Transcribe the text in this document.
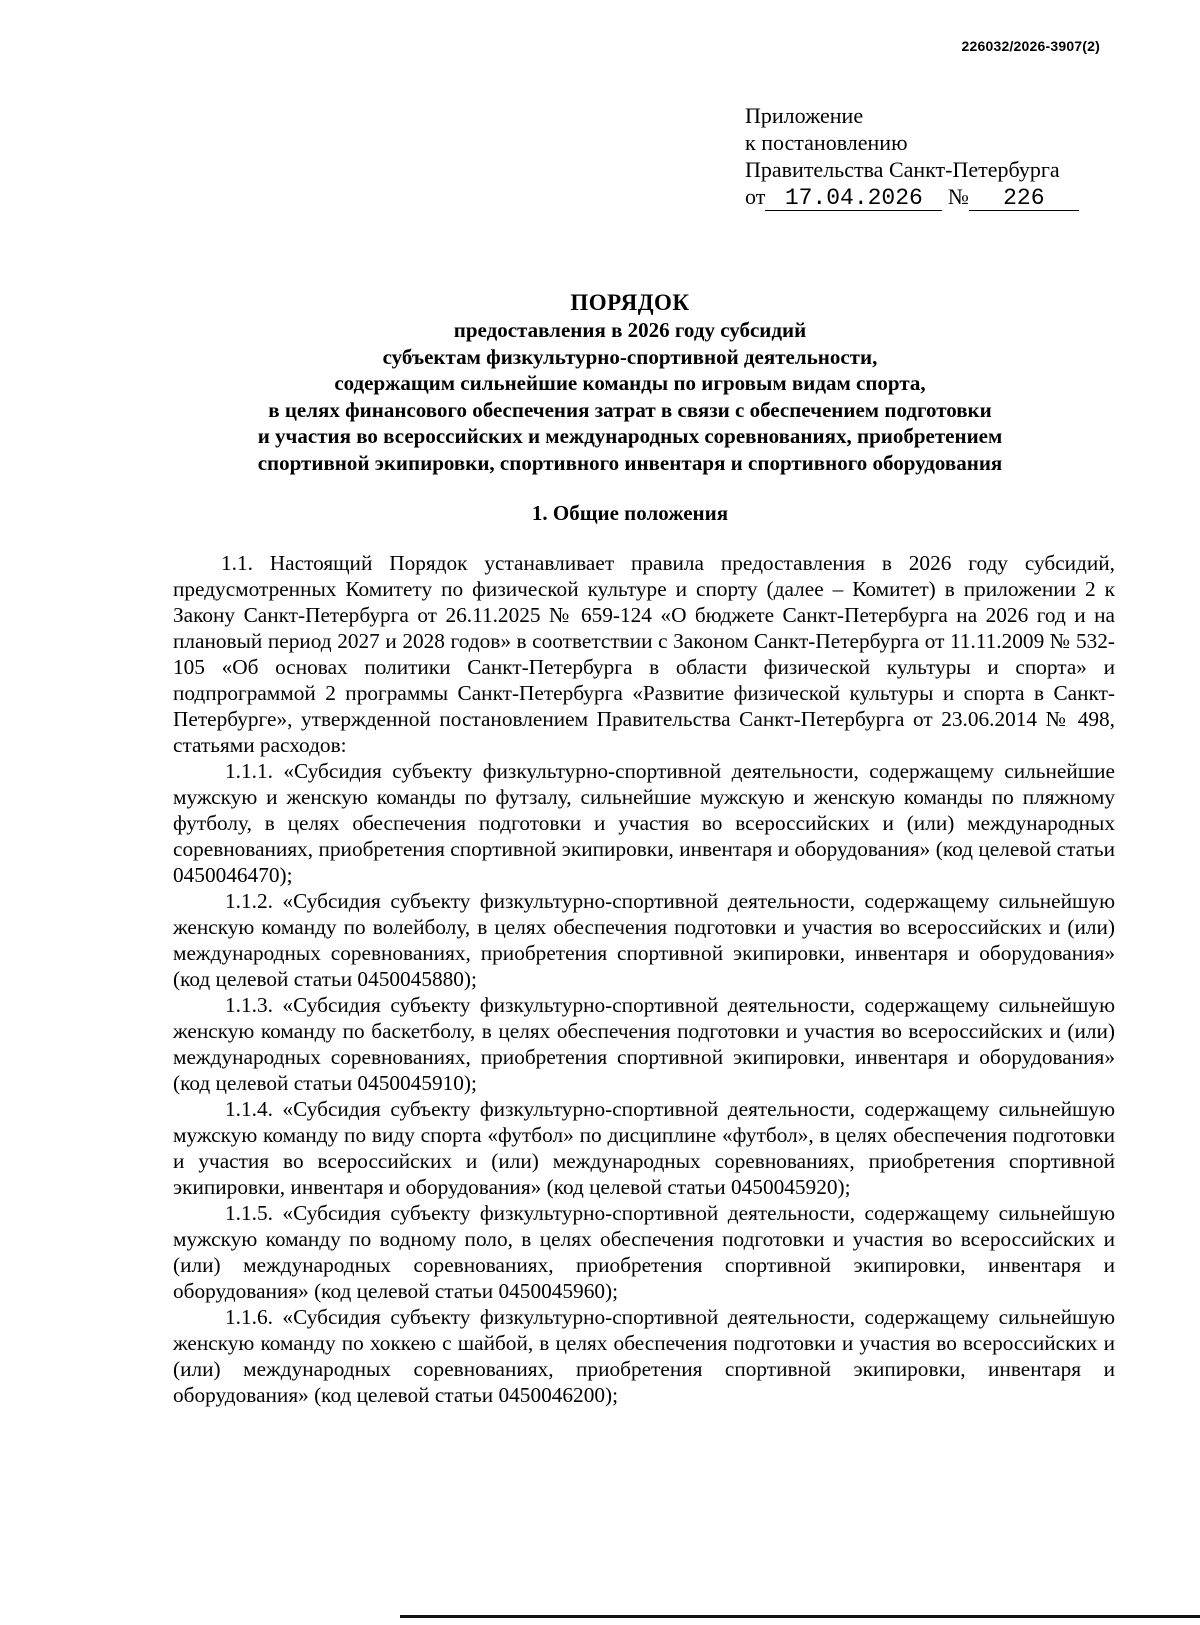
226032/2026-3907(2)
Приложение
к постановлению
Правительства Санкт-Петербурга
от 17.04.2026 № 226
ПОРЯДОК
предоставления в 2026 году субсидий
субъектам физкультурно-спортивной деятельности,
содержащим сильнейшие команды по игровым видам спорта,
в целях финансового обеспечения затрат в связи с обеспечением подготовки
и участия во всероссийских и международных соревнованиях, приобретением
спортивной экипировки, спортивного инвентаря и спортивного оборудования
1. Общие положения

1.1. Настоящий Порядок устанавливает правила предоставления в 2026 году субсидий, предусмотренных Комитету по физической культуре и спорту (далее – Комитет) в приложении 2 к Закону Санкт-Петербурга от 26.11.2025 № 659-124 «О бюджете Санкт-Петербурга на 2026 год и на плановый период 2027 и 2028 годов» в соответствии с Законом Санкт-Петербурга от 11.11.2009 № 532-105 «Об основах политики Санкт-Петербурга в области физической культуры и спорта» и подпрограммой 2 программы Санкт-Петербурга «Развитие физической культуры и спорта в Санкт-Петербурге», утвержденной постановлением Правительства Санкт-Петербурга от 23.06.2014 № 498, статьями расходов:

1.1.1. «Субсидия субъекту физкультурно-спортивной деятельности, содержащему сильнейшие мужскую и женскую команды по футзалу, сильнейшие мужскую и женскую команды по пляжному футболу, в целях обеспечения подготовки и участия во всероссийских и (или) международных соревнованиях, приобретения спортивной экипировки, инвентаря и оборудования» (код целевой статьи 0450046470);

1.1.2. «Субсидия субъекту физкультурно-спортивной деятельности, содержащему сильнейшую женскую команду по волейболу, в целях обеспечения подготовки и участия во всероссийских и (или) международных соревнованиях, приобретения спортивной экипировки, инвентаря и оборудования» (код целевой статьи 0450045880);

1.1.3. «Субсидия субъекту физкультурно-спортивной деятельности, содержащему сильнейшую женскую команду по баскетболу, в целях обеспечения подготовки и участия во всероссийских и (или) международных соревнованиях, приобретения спортивной экипировки, инвентаря и оборудования» (код целевой статьи 0450045910);

1.1.4. «Субсидия субъекту физкультурно-спортивной деятельности, содержащему сильнейшую мужскую команду по виду спорта «футбол» по дисциплине «футбол», в целях обеспечения подготовки и участия во всероссийских и (или) международных соревнованиях, приобретения спортивной экипировки, инвентаря и оборудования» (код целевой статьи 0450045920);

1.1.5. «Субсидия субъекту физкультурно-спортивной деятельности, содержащему сильнейшую мужскую команду по водному поло, в целях обеспечения подготовки и участия во всероссийских и (или) международных соревнованиях, приобретения спортивной экипировки, инвентаря и оборудования» (код целевой статьи 0450045960);

1.1.6. «Субсидия субъекту физкультурно-спортивной деятельности, содержащему сильнейшую женскую команду по хоккею с шайбой, в целях обеспечения подготовки и участия во всероссийских и (или) международных соревнованиях, приобретения спортивной экипировки, инвентаря и оборудования» (код целевой статьи 0450046200);
